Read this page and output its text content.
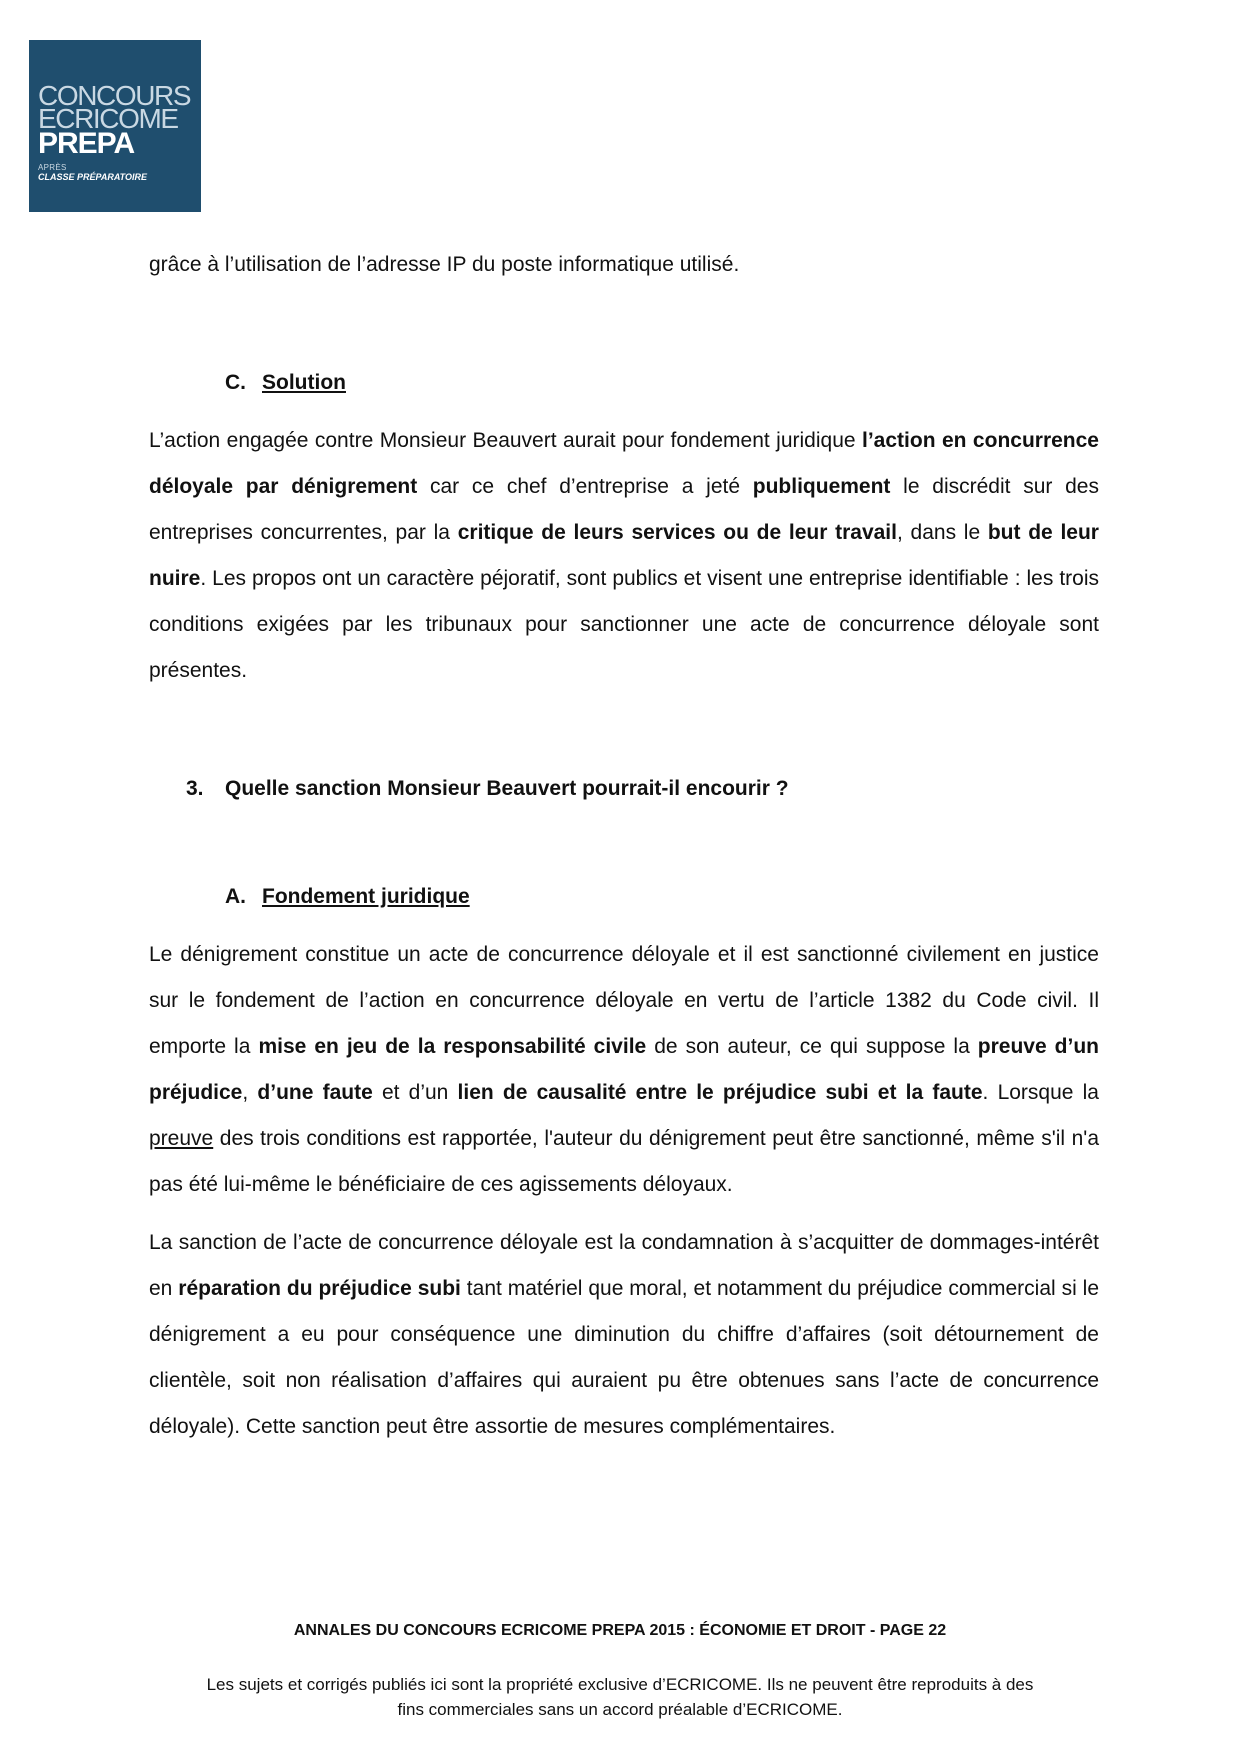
CONCOURS
ECRICOME
PREPA
APRÈS
CLASSE PRÉPARATOIRE

grâce à l’utilisation de l’adresse IP du poste informatique utilisé.

C. Solution

L’action engagée contre Monsieur Beauvert aurait pour fondement juridique l’action en concurrence déloyale par dénigrement car ce chef d’entreprise a jeté publiquement le discrédit sur des entreprises concurrentes, par la critique de leurs services ou de leur travail, dans le but de leur nuire. Les propos ont un caractère péjoratif, sont publics et visent une entreprise identifiable : les trois conditions exigées par les tribunaux pour sanctionner une acte de concurrence déloyale sont présentes.

3. Quelle sanction Monsieur Beauvert pourrait-il encourir ?

A. Fondement juridique

Le dénigrement constitue un acte de concurrence déloyale et il est sanctionné civilement en justice sur le fondement de l’action en concurrence déloyale en vertu de l’article 1382 du Code civil. Il emporte la mise en jeu de la responsabilité civile de son auteur, ce qui suppose la preuve d’un préjudice, d’une faute et d’un lien de causalité entre le préjudice subi et la faute. Lorsque la preuve des trois conditions est rapportée, l'auteur du dénigrement peut être sanctionné, même s'il n'a pas été lui-même le bénéficiaire de ces agissements déloyaux.

La sanction de l’acte de concurrence déloyale est la condamnation à s’acquitter de dommages-intérêt en réparation du préjudice subi tant matériel que moral, et notamment du préjudice commercial si le dénigrement a eu pour conséquence une diminution du chiffre d’affaires (soit détournement de clientèle, soit non réalisation d’affaires qui auraient pu être obtenues sans l’acte de concurrence déloyale). Cette sanction peut être assortie de mesures complémentaires.

ANNALES DU CONCOURS ECRICOME PREPA 2015 : ÉCONOMIE ET DROIT - PAGE 22
Les sujets et corrigés publiés ici sont la propriété exclusive d’ECRICOME. Ils ne peuvent être reproduits à des
fins commerciales sans un accord préalable d’ECRICOME.
